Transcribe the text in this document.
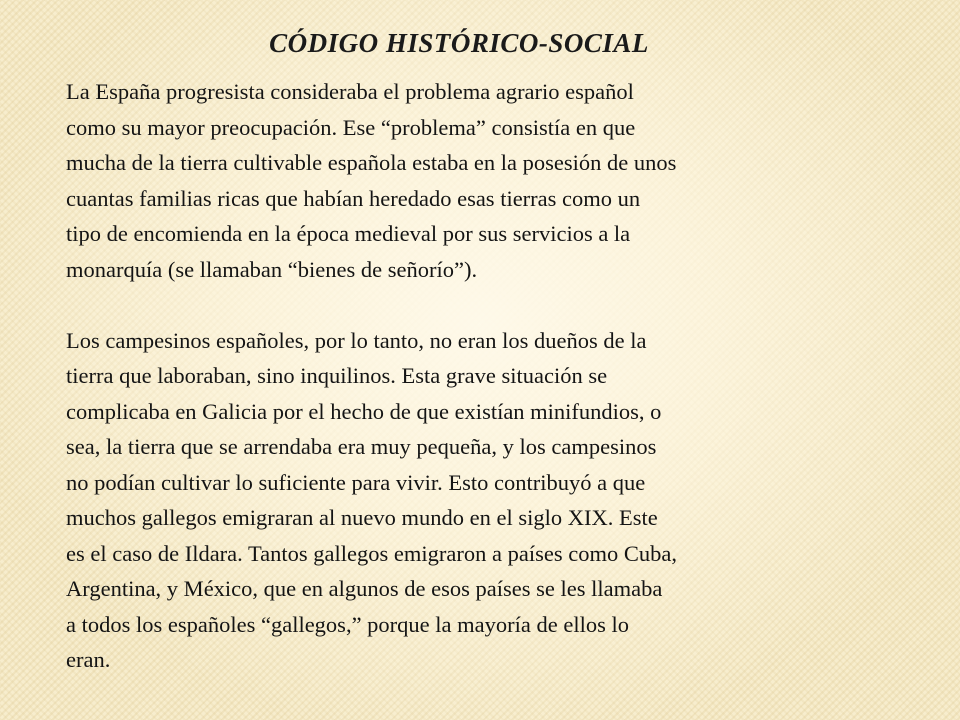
CÓDIGO HISTÓRICO-SOCIAL

La España progresista consideraba el problema agrario español
como su mayor preocupación. Ese “problema” consistía en que
mucha de la tierra cultivable española estaba en la posesión de unos
cuantas familias ricas que habían heredado esas tierras como un
tipo de encomienda en la época medieval por sus servicios a la
monarquía (se llamaban “bienes de señorío”).

Los campesinos españoles, por lo tanto, no eran los dueños de la
tierra que laboraban, sino inquilinos. Esta grave situación se
complicaba en Galicia por el hecho de que existían minifundios, o
sea, la tierra que se arrendaba era muy pequeña, y los campesinos
no podían cultivar lo suficiente para vivir. Esto contribuyó a que
muchos gallegos emigraran al nuevo mundo en el siglo XIX. Este
es el caso de Ildara. Tantos gallegos emigraron a países como Cuba,
Argentina, y México, que en algunos de esos países se les llamaba
a todos los españoles “gallegos,” porque la mayoría de ellos lo
eran.
